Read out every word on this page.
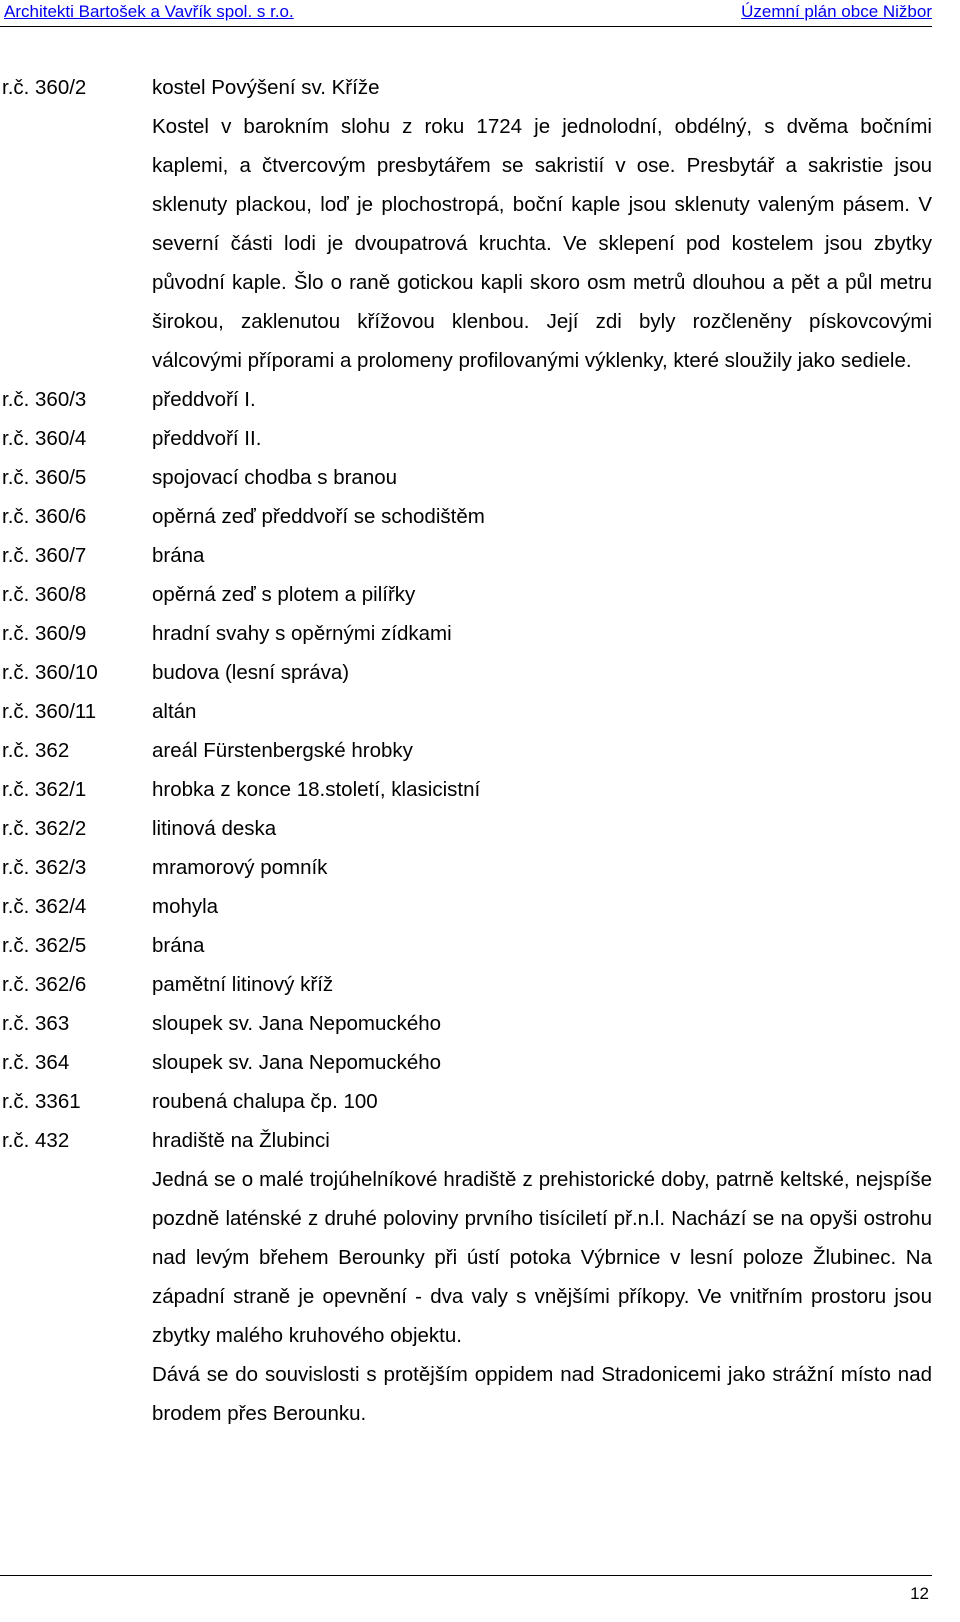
Architekti Bartošek a Vavřík spol. s r.o.	Územní plán obce Nižbor
r.č. 360/2	kostel Povýšení sv. Kříže
Kostel v barokním slohu z roku 1724 je jednolodní, obdélný, s dvěma bočními kaplemi, a čtvercovým presbytářem se sakristií v ose. Presbytář a sakristie jsou sklenuty plackou, loď je plochostropá, boční kaple jsou sklenuty valeným pásem. V severní části lodi je dvoupatrová kruchta. Ve sklepení pod kostelem jsou zbytky původní kaple. Šlo o raně gotickou kapli skoro osm metrů dlouhou a pět a půl metru širokou, zaklenutou křížovou klenbou. Její zdi byly rozčleněny pískovcovými válcovými příporami a prolomeny profilovanými výklenky, které sloužily jako sediele.
r.č. 360/3	předdvoří I.
r.č. 360/4	předdvoří II.
r.č. 360/5	spojovací chodba s branou
r.č. 360/6	opěrná zeď předdvoří se schodištěm
r.č. 360/7	brána
r.č. 360/8	opěrná zeď s plotem a pilířky
r.č. 360/9	hradní svahy s opěrnými zídkami
r.č. 360/10	budova (lesní správa)
r.č. 360/11	altán
r.č. 362	areál Fürstenbergské hrobky
r.č. 362/1	hrobka z konce 18.století, klasicistní
r.č. 362/2	litinová deska
r.č. 362/3	mramorový pomník
r.č. 362/4	mohyla
r.č. 362/5	brána
r.č. 362/6	pamětní litinový kříž
r.č. 363	sloupek sv. Jana Nepomuckého
r.č. 364	sloupek sv. Jana Nepomuckého
r.č. 3361	roubená chalupa čp. 100
r.č. 432	hradiště na Žlubinci
Jedná se o malé trojúhelníkové hradiště z prehistorické doby, patrně keltské, nejspíše pozdně laténské z druhé poloviny prvního tisíciletí př.n.l. Nachází se na opyši ostrohu nad levým břehem Berounky při ústí potoka Výbrnice v lesní poloze Žlubinec. Na západní straně je opevnění - dva valy s vnějšími příkopy. Ve vnitřním prostoru jsou zbytky malého kruhového objektu.
Dává se do souvislosti s protějším oppidem nad Stradonicemi jako strážní místo nad brodem přes Berounku.
12
